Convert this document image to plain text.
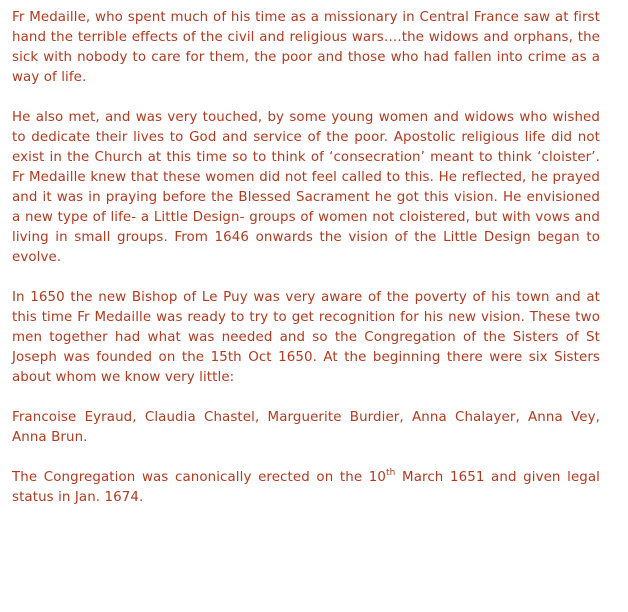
Fr Medaille, who spent much of his time as a missionary in Central France saw at first hand the terrible effects of the civil and religious wars….the widows and orphans, the sick with nobody to care for them, the poor and those who had fallen into crime as a way of life.

He also met, and was very touched, by some young women and widows who wished to dedicate their lives to God and service of the poor. Apostolic religious life did not exist in the Church at this time so to think of ‘consecration’ meant to think ‘cloister’. Fr Medaille knew that these women did not feel called to this. He reflected, he prayed and it was in praying before the Blessed Sacrament he got this vision. He envisioned a new type of life- a Little Design- groups of women not cloistered, but with vows and living in small groups. From 1646 onwards the vision of the Little Design began to evolve.

In 1650 the new Bishop of Le Puy was very aware of the poverty of his town and at this time Fr Medaille was ready to try to get recognition for his new vision. These two men together had what was needed and so the Congregation of the Sisters of St Joseph was founded on the 15th Oct 1650. At the beginning there were six Sisters about whom we know very little:

Francoise Eyraud, Claudia Chastel, Marguerite Burdier, Anna Chalayer, Anna Vey, Anna Brun.

The Congregation was canonically erected on the 10th March 1651 and given legal status in Jan. 1674.
